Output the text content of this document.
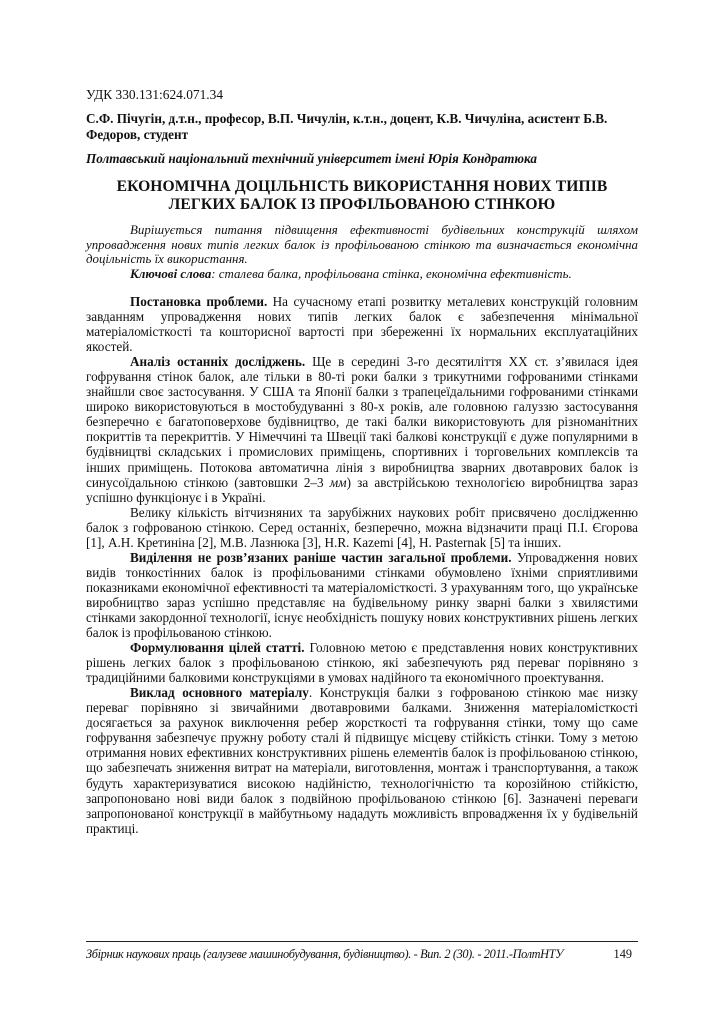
УДК 330.131:624.071.34
С.Ф. Пічугін, д.т.н., професор, В.П. Чичулін, к.т.н., доцент, К.В. Чичуліна, асистент Б.В. Федоров, студент
Полтавський національний технічний університет імені Юрія Кондратюка
ЕКОНОМІЧНА ДОЦІЛЬНІСТЬ ВИКОРИСТАННЯ НОВИХ ТИПІВ ЛЕГКИХ БАЛОК ІЗ ПРОФІЛЬОВАНОЮ СТІНКОЮ
Вирішується питання підвищення ефективності будівельних конструкцій шляхом упровадження нових типів легких балок із профільованою стінкою та визначається економічна доцільність їх використання.
Ключові слова: сталева балка, профільована стінка, економічна ефективність.

Постановка проблеми. На сучасному етапі розвитку металевих конструкцій головним завданням упровадження нових типів легких балок є забезпечення мінімальної матеріаломісткості та кошторисної вартості при збереженні їх нормальних експлуатаційних якостей.

Аналіз останніх досліджень. Ще в середині 3-го десятиліття ХХ ст. з’явилася ідея гофрування стінок балок, але тільки в 80-ті роки балки з трикутними гофрованими стінками знайшли своє застосування. У США та Японії балки з трапецеїдальними гофрованими стінками широко використовуються в мостобудуванні з 80-х років, але головною галуззю застосування безперечно є багатоповерхове будівництво, де такі балки використовують для різноманітних покриттів та перекриттів. У Німеччині та Швеції такі балкові конструкції є дуже популярними в будівництві складських і промислових приміщень, спортивних і торговельних комплексів та інших приміщень. Потокова автоматична лінія з виробництва зварних двотаврових балок із синусоїдальною стінкою (завтовшки 2–3 мм) за австрійською технологією виробництва зараз успішно функціонує і в Україні.

Велику кількість вітчизняних та зарубіжних наукових робіт присвячено дослідженню балок з гофрованою стінкою. Серед останніх, безперечно, можна відзначити праці П.І. Єгорова [1], А.Н. Кретиніна [2], М.В. Лазнюка [3], H.R. Kazemi [4], H. Pasternak [5] та інших.

Виділення не розв’язаних раніше частин загальної проблеми. Упровадження нових видів тонкостінних балок із профільованими стінками обумовлено їхніми сприятливими показниками економічної ефективності та матеріаломісткості. З урахуванням того, що українське виробництво зараз успішно представляє на будівельному ринку зварні балки з хвилястими стінками закордонної технології, існує необхідність пошуку нових конструктивних рішень легких балок із профільованою стінкою.

Формулювання цілей статті. Головною метою є представлення нових конструктивних рішень легких балок з профільованою стінкою, які забезпечують ряд переваг порівняно з традиційними балковими конструкціями в умовах надійного та економічного проектування.

Виклад основного матеріалу. Конструкція балки з гофрованою стінкою має низку переваг порівняно зі звичайними двотавровими балками. Зниження матеріаломісткості досягається за рахунок виключення ребер жорсткості та гофрування стінки, тому що саме гофрування забезпечує пружну роботу сталі й підвищує місцеву стійкість стінки. Тому з метою отримання нових ефективних конструктивних рішень елементів балок із профільованою стінкою, що забезпечать зниження витрат на матеріали, виготовлення, монтаж і транспортування, а також будуть характеризуватися високою надійністю, технологічністю та корозійною стійкістю, запропоновано нові види балок з подвійною профільованою стінкою [6]. Зазначені переваги запропонованої конструкції в майбутньому нададуть можливість впровадження їх у будівельній практиці.

Збірник наукових праць (галузеве машинобудування, будівництво). - Вип. 2 (30). - 2011.-ПолтНТУ	149
